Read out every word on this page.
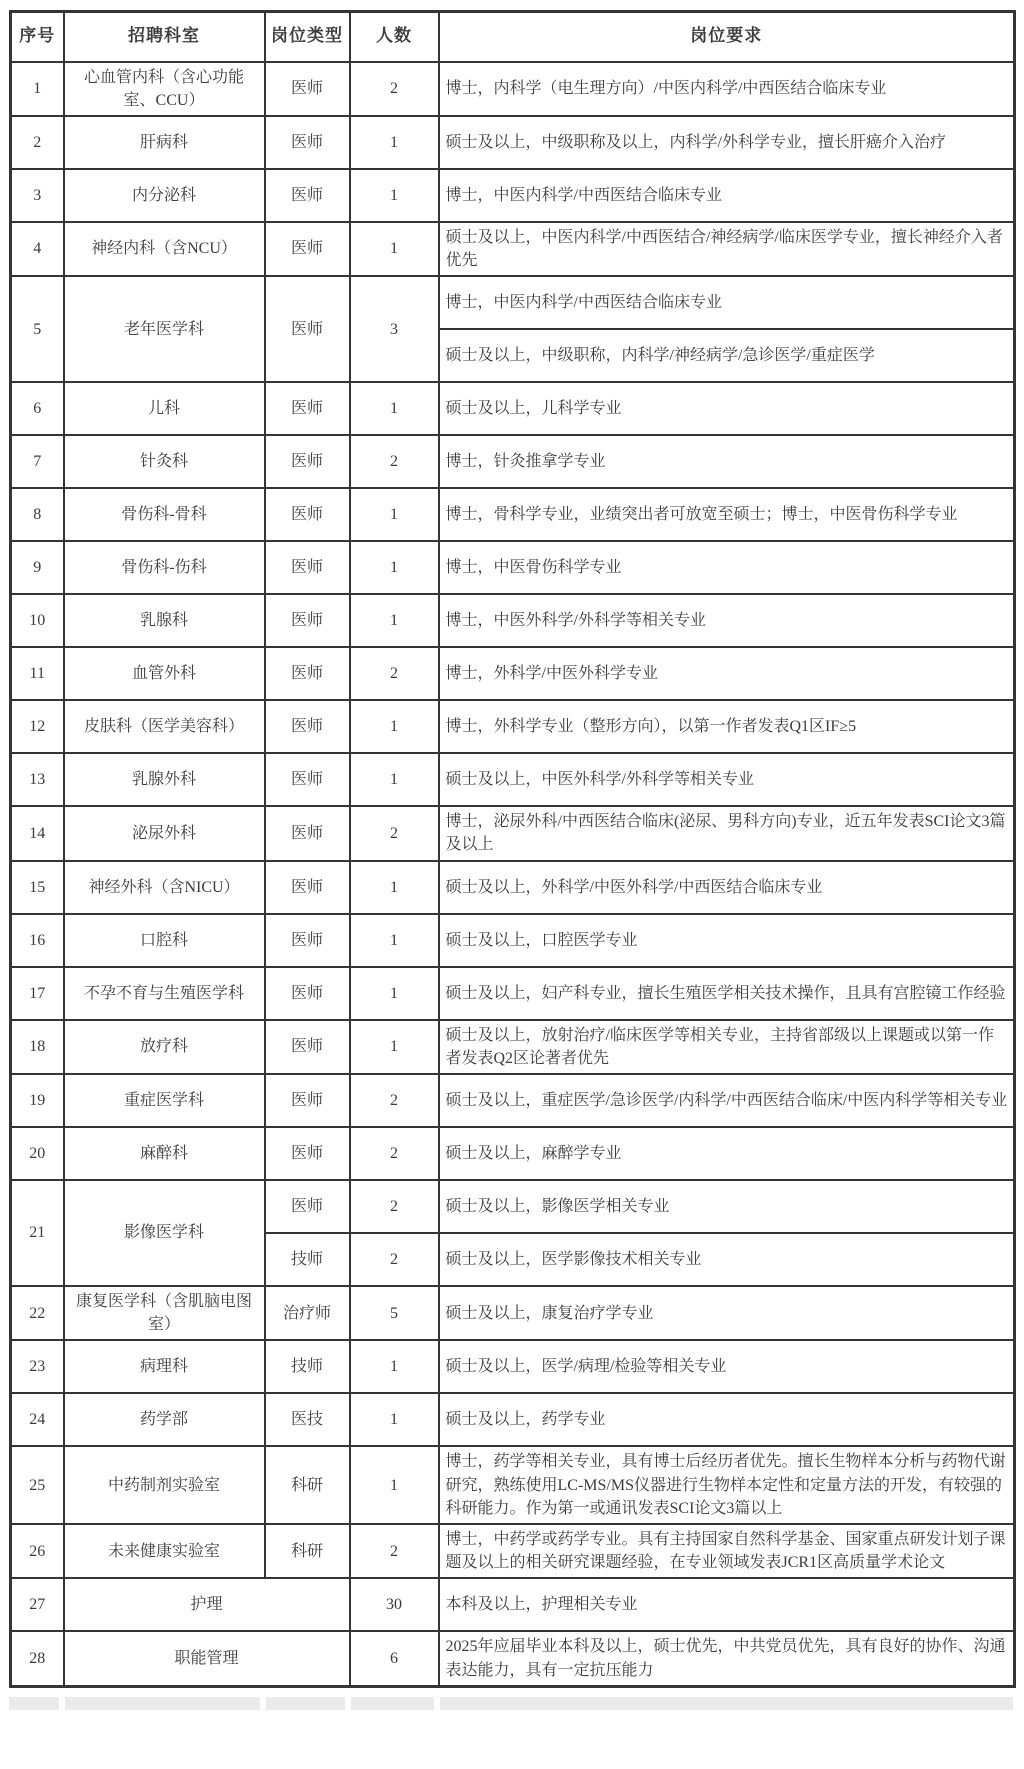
序号	招聘科室	岗位类型	人数	岗位要求
1	心血管内科（含心功能室、CCU）	医师	2	博士，内科学（电生理方向）/中医内科学/中西医结合临床专业
2	肝病科	医师	1	硕士及以上，中级职称及以上，内科学/外科学专业，擅长肝癌介入治疗
3	内分泌科	医师	1	博士，中医内科学/中西医结合临床专业
4	神经内科（含NCU）	医师	1	硕士及以上，中医内科学/中西医结合/神经病学/临床医学专业，擅长神经介入者优先
5	老年医学科	医师	3	博士，中医内科学/中西医结合临床专业
				硕士及以上，中级职称，内科学/神经病学/急诊医学/重症医学
6	儿科	医师	1	硕士及以上，儿科学专业
7	针灸科	医师	2	博士，针灸推拿学专业
8	骨伤科-骨科	医师	1	博士，骨科学专业，业绩突出者可放宽至硕士；博士，中医骨伤科学专业
9	骨伤科-伤科	医师	1	博士，中医骨伤科学专业
10	乳腺科	医师	1	博士，中医外科学/外科学等相关专业
11	血管外科	医师	2	博士，外科学/中医外科学专业
12	皮肤科（医学美容科）	医师	1	博士，外科学专业（整形方向），以第一作者发表Q1区IF≥5
13	乳腺外科	医师	1	硕士及以上，中医外科学/外科学等相关专业
14	泌尿外科	医师	2	博士，泌尿外科/中西医结合临床(泌尿、男科方向)专业，近五年发表SCI论文3篇及以上
15	神经外科（含NICU）	医师	1	硕士及以上，外科学/中医外科学/中西医结合临床专业
16	口腔科	医师	1	硕士及以上，口腔医学专业
17	不孕不育与生殖医学科	医师	1	硕士及以上，妇产科专业，擅长生殖医学相关技术操作，且具有宫腔镜工作经验
18	放疗科	医师	1	硕士及以上，放射治疗/临床医学等相关专业，主持省部级以上课题或以第一作者发表Q2区论著者优先
19	重症医学科	医师	2	硕士及以上，重症医学/急诊医学/内科学/中西医结合临床/中医内科学等相关专业
20	麻醉科	医师	2	硕士及以上，麻醉学专业
21	影像医学科	医师	2	硕士及以上，影像医学相关专业
		技师	2	硕士及以上，医学影像技术相关专业
22	康复医学科（含肌脑电图室）	治疗师	5	硕士及以上，康复治疗学专业
23	病理科	技师	1	硕士及以上，医学/病理/检验等相关专业
24	药学部	医技	1	硕士及以上，药学专业
25	中药制剂实验室	科研	1	博士，药学等相关专业，具有博士后经历者优先。擅长生物样本分析与药物代谢研究，熟练使用LC-MS/MS仪器进行生物样本定性和定量方法的开发，有较强的科研能力。作为第一或通讯发表SCI论文3篇以上
26	未来健康实验室	科研	2	博士，中药学或药学专业。具有主持国家自然科学基金、国家重点研发计划子课题及以上的相关研究课题经验，在专业领域发表JCR1区高质量学术论文
27	护理		30	本科及以上，护理相关专业
28	职能管理		6	2025年应届毕业本科及以上，硕士优先，中共党员优先，具有良好的协作、沟通表达能力，具有一定抗压能力
